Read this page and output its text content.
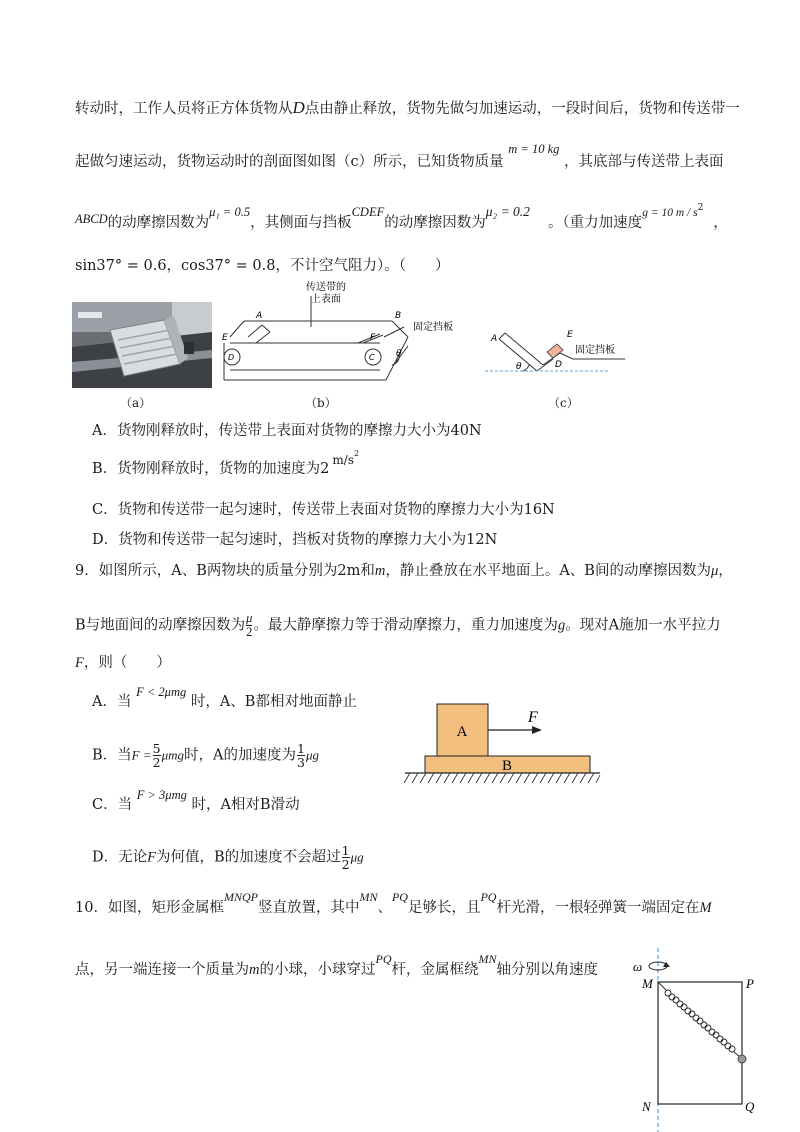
转动时，工作人员将正方体货物从D点由静止释放，货物先做匀加速运动，一段时间后，货物和传送带一
起做匀速运动，货物运动时的剖面图如图（c）所示，已知货物质量 m = 10 kg ，其底部与传送带上表面
ABCD的动摩擦因数为μ₁ = 0.5，其侧面与挡板CDEF的动摩擦因数为μ₂ = 0.2。（重力加速度$^{g = 10 m / s2}$，
sin37° = 0.6，cos37° = 0.8，不计空气阻力）。（　　）
（a）
传送带的
上表面
固定挡板
A	B
C
D
E	F
θ
（b）
A	E
D
θ
固定挡板
（c）
A．货物刚释放时，传送带上表面对货物的摩擦力大小为40N
B．货物刚释放时，货物的加速度为$2^{m/s2}$
C．货物和传送带一起匀速时，传送带上表面对货物的摩擦力大小为16N
D．货物和传送带一起匀速时，挡板对货物的摩擦力大小为12N
9．如图所示，A、B两物块的质量分别为2m和m，静止叠放在水平地面上。A、B间的动摩擦因数为μ，
B与地面间的动摩擦因数为 $\frac{\mu}{2}$ 。最大静摩擦力等于滑动摩擦力，重力加速度为g。现对A施加一水平拉力
F，则（　　）
A．当 F < 2μmg 时，A、B都相对地面静止
B．当$F = \frac{5}{2}$ μmg时，A的加速度为 $\frac{1}{3}$ μg
C．当 F > 3μmg 时，A相对B滑动
D．无论F为何值，B的加速度不会超过 $\frac{1}{2}$ μg
A
B
F
10．如图，矩形金属框$^{MNQP}$竖直放置，其中$^{MN}$、$^{PQ}$足够长，且$^{PQ}$杆光滑，一根轻弹簧一端固定在M
点，另一端连接一个质量为m的小球，小球穿过$^{PQ}$杆，金属框绕$^{MN}$轴分别以角速度	ω
M	P
N	Q
